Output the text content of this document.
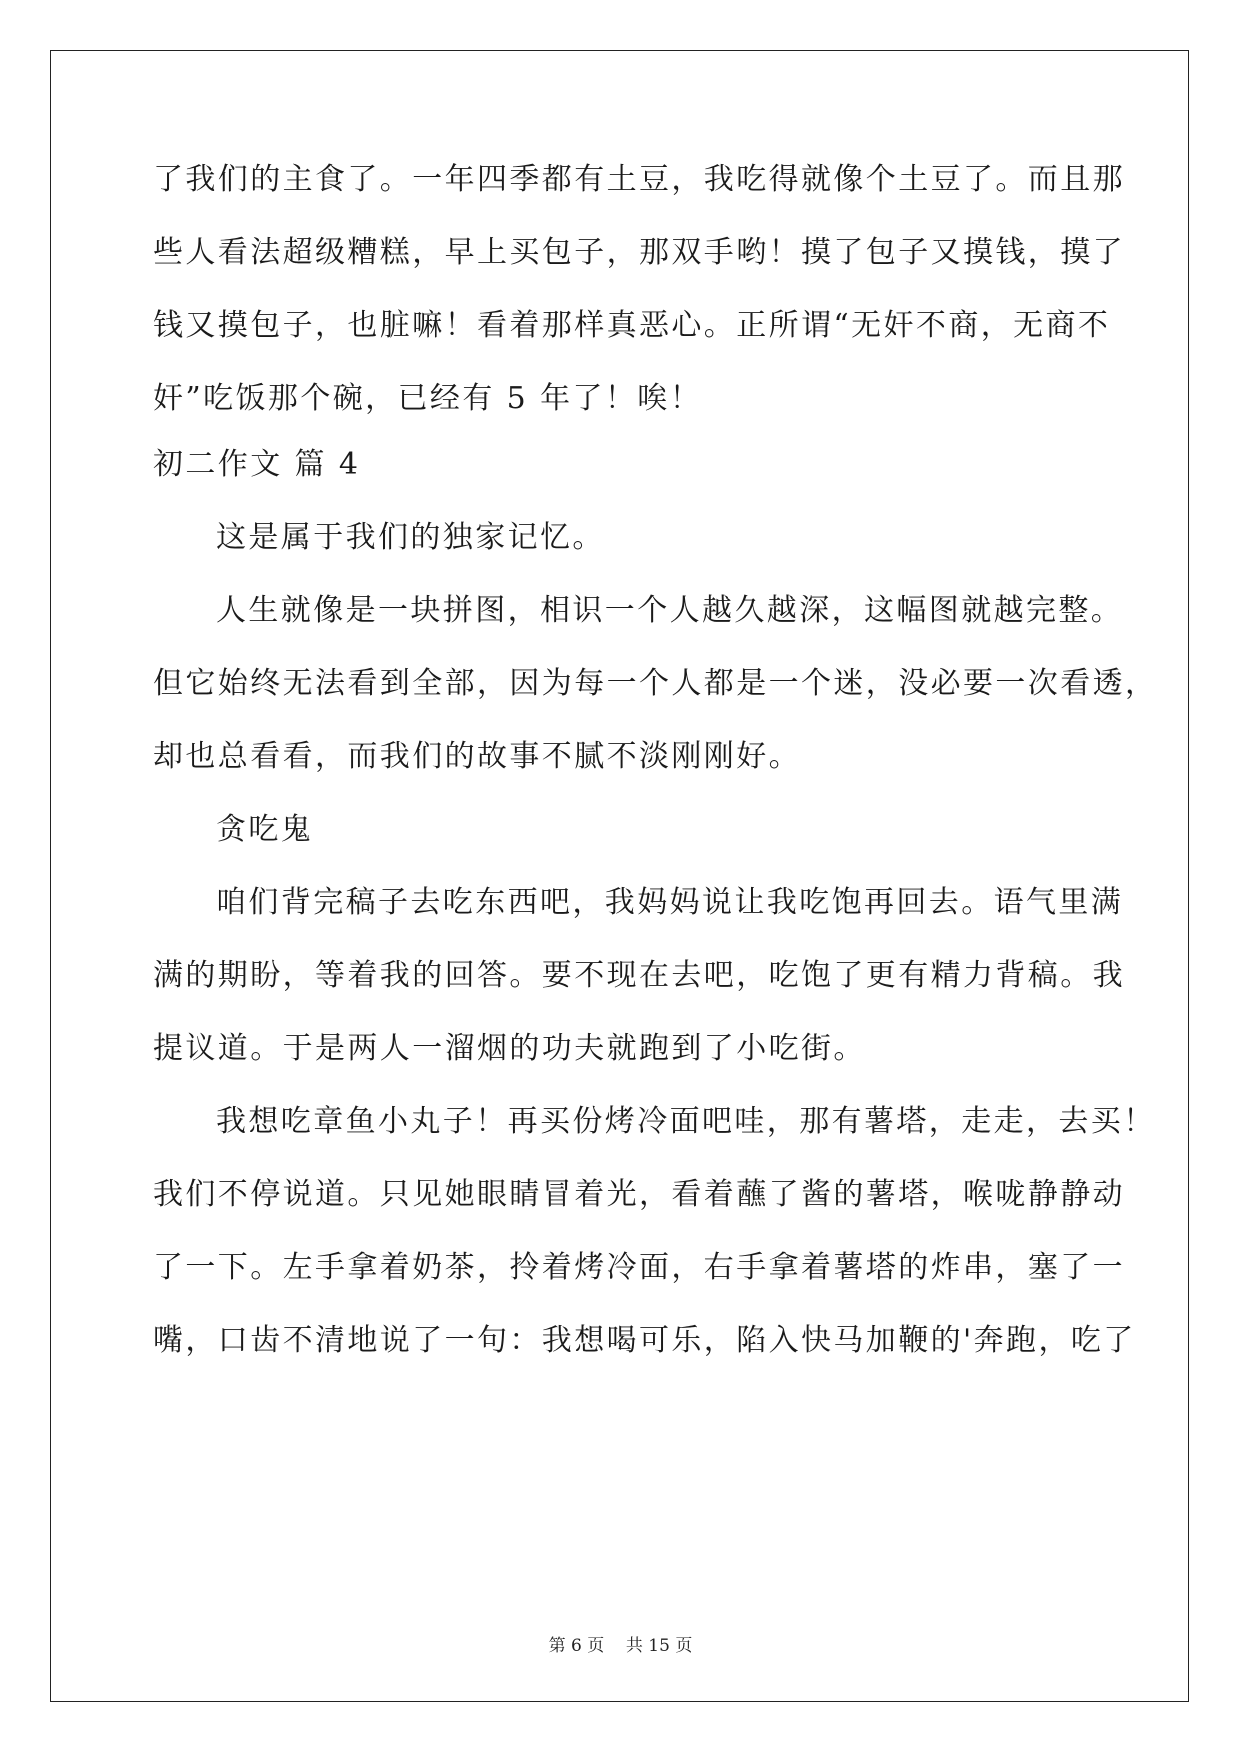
了我们的主食了。一年四季都有土豆，我吃得就像个土豆了。而且那
些人看法超级糟糕，早上买包子，那双手哟！摸了包子又摸钱，摸了
钱又摸包子，也脏嘛！看着那样真恶心。正所谓“无奸不商，无商不
奸”吃饭那个碗，已经有 5 年了！唉！
初二作文 篇 4
这是属于我们的独家记忆。
人生就像是一块拼图，相识一个人越久越深，这幅图就越完整。
但它始终无法看到全部，因为每一个人都是一个迷，没必要一次看透，
却也总看看，而我们的故事不腻不淡刚刚好。
贪吃鬼
咱们背完稿子去吃东西吧，我妈妈说让我吃饱再回去。语气里满
满的期盼，等着我的回答。要不现在去吧，吃饱了更有精力背稿。我
提议道。于是两人一溜烟的功夫就跑到了小吃街。
我想吃章鱼小丸子！再买份烤冷面吧哇，那有薯塔，走走，去买！
我们不停说道。只见她眼睛冒着光，看着蘸了酱的薯塔，喉咙静静动
了一下。左手拿着奶茶，拎着烤冷面，右手拿着薯塔的炸串，塞了一
嘴，口齿不清地说了一句：我想喝可乐，陷入快马加鞭的'奔跑，吃了
第 6 页 共 15 页
